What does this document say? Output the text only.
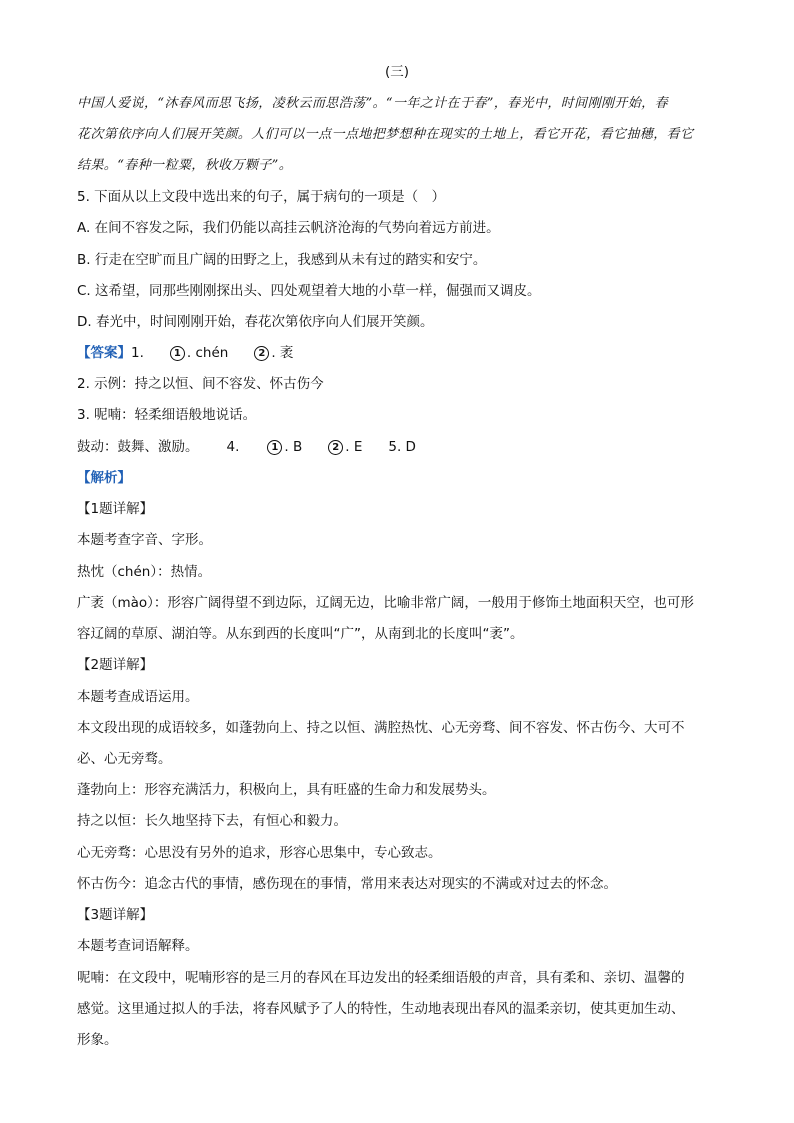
(三)
中国人爱说，“沐春风而思飞扬，凌秋云而思浩荡”。“一年之计在于春”，春光中，时间刚刚开始，春
花次第依序向人们展开笑颜。人们可以一点一点地把梦想种在现实的土地上，看它开花，看它抽穗，看它
结果。“春种一粒粟，秋收万颗子”。
5. 下面从以上文段中选出来的句子，属于病句的一项是（　）
A. 在间不容发之际，我们仍能以高挂云帆济沧海的气势向着远方前进。
B. 行走在空旷而且广阔的田野之上，我感到从未有过的踏实和安宁。
C. 这希望，同那些刚刚探出头、四处观望着大地的小草一样，倔强而又调皮。
D. 春光中，时间刚刚开始，春花次第依序向人们展开笑颜。
【答案】1.	1 . chén	2 . 袤
2. 示例：持之以恒、间不容发、怀古伤今
3. 呢喃：轻柔细语般地说话。
鼓动：鼓舞、激励。 4.	1 . B	2 . E 5. D
【解析】
【1题详解】
本题考查字音、字形。
热忱（chén）：热情。
广袤（mào）：形容广阔得望不到边际，辽阔无边，比喻非常广阔，一般用于修饰土地面积天空，也可形
容辽阔的草原、湖泊等。从东到西的长度叫“广”，从南到北的长度叫“袤”。
【2题详解】
本题考查成语运用。
本文段出现的成语较多，如蓬勃向上、持之以恒、满腔热忱、心无旁骛、间不容发、怀古伤今、大可不
必、心无旁骛。
蓬勃向上：形容充满活力，积极向上，具有旺盛的生命力和发展势头。
持之以恒：长久地坚持下去，有恒心和毅力。
心无旁骛：心思没有另外的追求，形容心思集中，专心致志。
怀古伤今：追念古代的事情，感伤现在的事情，常用来表达对现实的不满或对过去的怀念。
【3题详解】
本题考查词语解释。
呢喃：在文段中，呢喃形容的是三月的春风在耳边发出的轻柔细语般的声音，具有柔和、亲切、温馨的
感觉。这里通过拟人的手法，将春风赋予了人的特性，生动地表现出春风的温柔亲切，使其更加生动、
形象。
